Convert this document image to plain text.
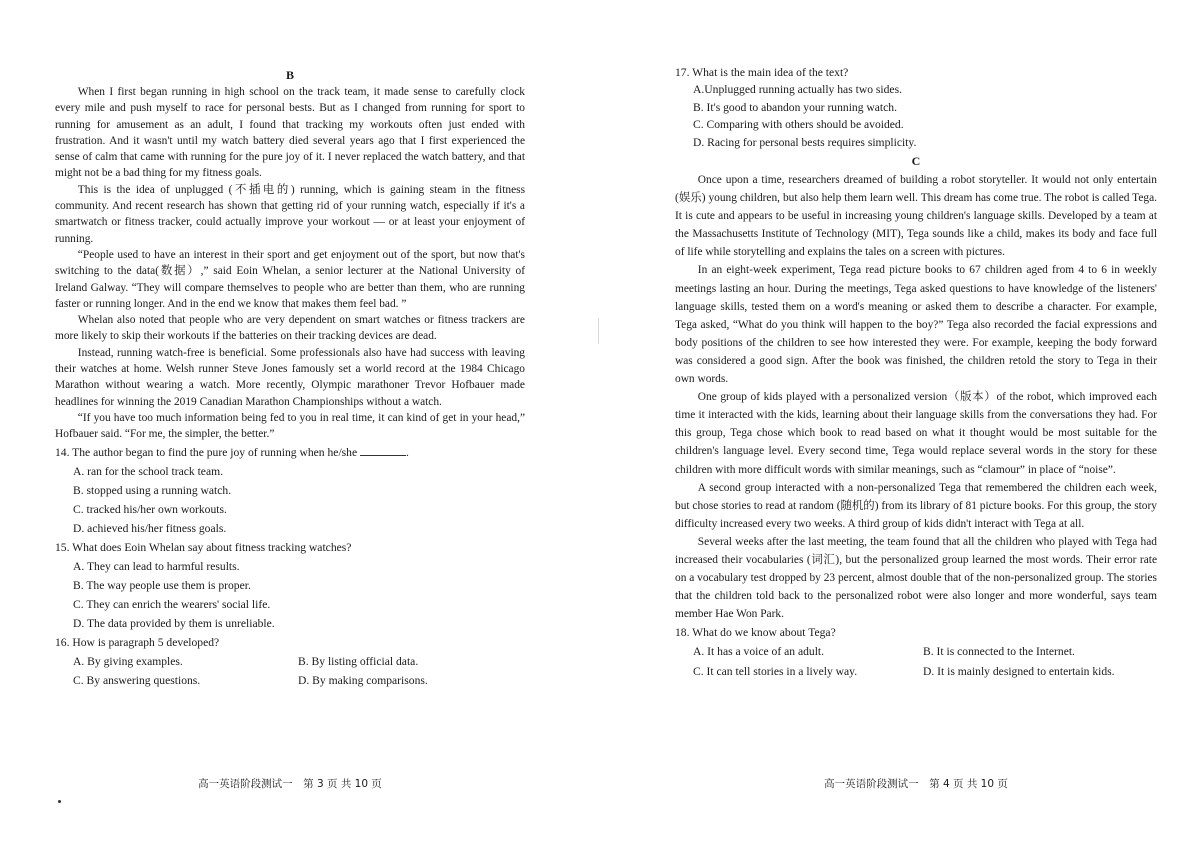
B

When I first began running in high school on the track team, it made sense to carefully clock every mile and push myself to race for personal bests. But as I changed from running for sport to running for amusement as an adult, I found that tracking my workouts often just ended with frustration. And it wasn't until my watch battery died several years ago that I first experienced the sense of calm that came with running for the pure joy of it. I never replaced the watch battery, and that might not be a bad thing for my fitness goals.

This is the idea of unplugged (不插电的) running, which is gaining steam in the fitness community. And recent research has shown that getting rid of your running watch, especially if it's a smartwatch or fitness tracker, could actually improve your workout — or at least your enjoyment of running.

“People used to have an interest in their sport and get enjoyment out of the sport, but now that's switching to the data(数据）,” said Eoin Whelan, a senior lecturer at the National University of Ireland Galway. “They will compare themselves to people who are better than them, who are running faster or running longer. And in the end we know that makes them feel bad. ”

Whelan also noted that people who are very dependent on smart watches or fitness trackers are more likely to skip their workouts if the batteries on their tracking devices are dead.

Instead, running watch-free is beneficial. Some professionals also have had success with leaving their watches at home. Welsh runner Steve Jones famously set a world record at the 1984 Chicago Marathon without wearing a watch. More recently, Olympic marathoner Trevor Hofbauer made headlines for winning the 2019 Canadian Marathon Championships without a watch.

“If you have too much information being fed to you in real time, it can kind of get in your head,” Hofbauer said. “For me, the simpler, the better.”

14. The author began to find the pure joy of running when he/she	.

A. ran for the school track team.

B. stopped using a running watch.

C. tracked his/her own workouts.

D. achieved his/her fitness goals.

15. What does Eoin Whelan say about fitness tracking watches?

A. They can lead to harmful results.

B. The way people use them is proper.

C. They can enrich the wearers' social life.

D. The data provided by them is unreliable.

16. How is paragraph 5 developed?

A. By giving examples.	B. By listing official data.
C. By answering questions.	D. By making comparisons.
高一英语阶段测试一　第 3 页 共 10 页

17. What is the main idea of the text?

A.Unplugged running actually has two sides.

B. It's good to abandon your running watch.

C. Comparing with others should be avoided.

D. Racing for personal bests requires simplicity.

C

Once upon a time, researchers dreamed of building a robot storyteller. It would not only entertain (娱乐) young children, but also help them learn well. This dream has come true. The robot is called Tega. It is cute and appears to be useful in increasing young children's language skills. Developed by a team at the Massachusetts Institute of Technology (MIT), Tega sounds like a child, makes its body and face full of life while storytelling and explains the tales on a screen with pictures.

In an eight-week experiment, Tega read picture books to 67 children aged from 4 to 6 in weekly meetings lasting an hour. During the meetings, Tega asked questions to have knowledge of the listeners' language skills, tested them on a word's meaning or asked them to describe a character. For example, Tega asked, “What do you think will happen to the boy?” Tega also recorded the facial expressions and body positions of the children to see how interested they were. For example, keeping the body forward was considered a good sign. After the book was finished, the children retold the story to Tega in their own words.

One group of kids played with a personalized version（版本）of the robot, which improved each time it interacted with the kids, learning about their language skills from the conversations they had. For this group, Tega chose which book to read based on what it thought would be most suitable for the children's language level. Every second time, Tega would replace several words in the story for these children with more difficult words with similar meanings, such as “clamour” in place of “noise”.

A second group interacted with a non-personalized Tega that remembered the children each week, but chose stories to read at random (随机的) from its library of 81 picture books. For this group, the story difficulty increased every two weeks. A third group of kids didn't interact with Tega at all.

Several weeks after the last meeting, the team found that all the children who played with Tega had increased their vocabularies (词汇), but the personalized group learned the most words. Their error rate on a vocabulary test dropped by 23 percent, almost double that of the non-personalized group. The stories that the children told back to the personalized robot were also longer and more wonderful, says team member Hae Won Park.

18. What do we know about Tega?

A. It has a voice of an adult.	B. It is connected to the Internet.
C. It can tell stories in a lively way.	D. It is mainly designed to entertain kids.
高一英语阶段测试一　第 4 页 共 10 页
